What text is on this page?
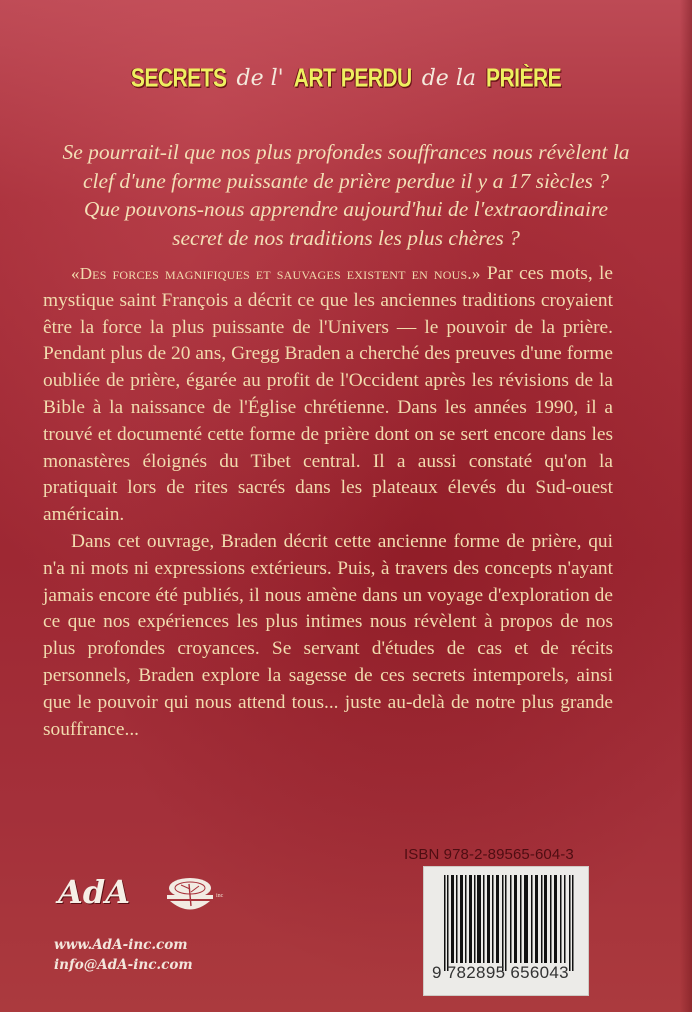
SECRETS de l' ART PERDU de la PRIÈRE

Se pourrait-il que nos plus profondes souffrances nous révèlent la

clef d'une forme puissante de prière perdue il y a 17 siècles ?

Que pouvons-nous apprendre aujourd'hui de l'extraordinaire

secret de nos traditions les plus chères ?

«Des forces magnifiques et sauvages existent en nous.» Par ces mots, le mystique saint François a décrit ce que les anciennes traditions croyaient être la force la plus puissante de l'Univers — le pouvoir de la prière. Pendant plus de 20 ans, Gregg Braden a cherché des preuves d'une forme oubliée de prière, égarée au profit de l'Occident après les révisions de la Bible à la naissance de l'Église chrétienne. Dans les années 1990, il a trouvé et documenté cette forme de prière dont on se sert encore dans les monastères éloignés du Tibet central. Il a aussi constaté qu'on la pratiquait lors de rites sacrés dans les plateaux élevés du Sud-ouest américain.

Dans cet ouvrage, Braden décrit cette ancienne forme de prière, qui n'a ni mots ni expressions extérieurs. Puis, à travers des concepts n'ayant jamais encore été publiés, il nous amène dans un voyage d'exploration de ce que nos expériences les plus intimes nous révèlent à propos de nos plus profondes croyances. Se servant d'études de cas et de récits personnels, Braden explore la sagesse de ces secrets intemporels, ainsi que le pouvoir qui nous attend tous... juste au-delà de notre plus grande souffrance...

AdA	inc
www.AdA-inc.com
info@AdA-inc.com
ISBN 978-2-89565-604-3
9 782895 656043
